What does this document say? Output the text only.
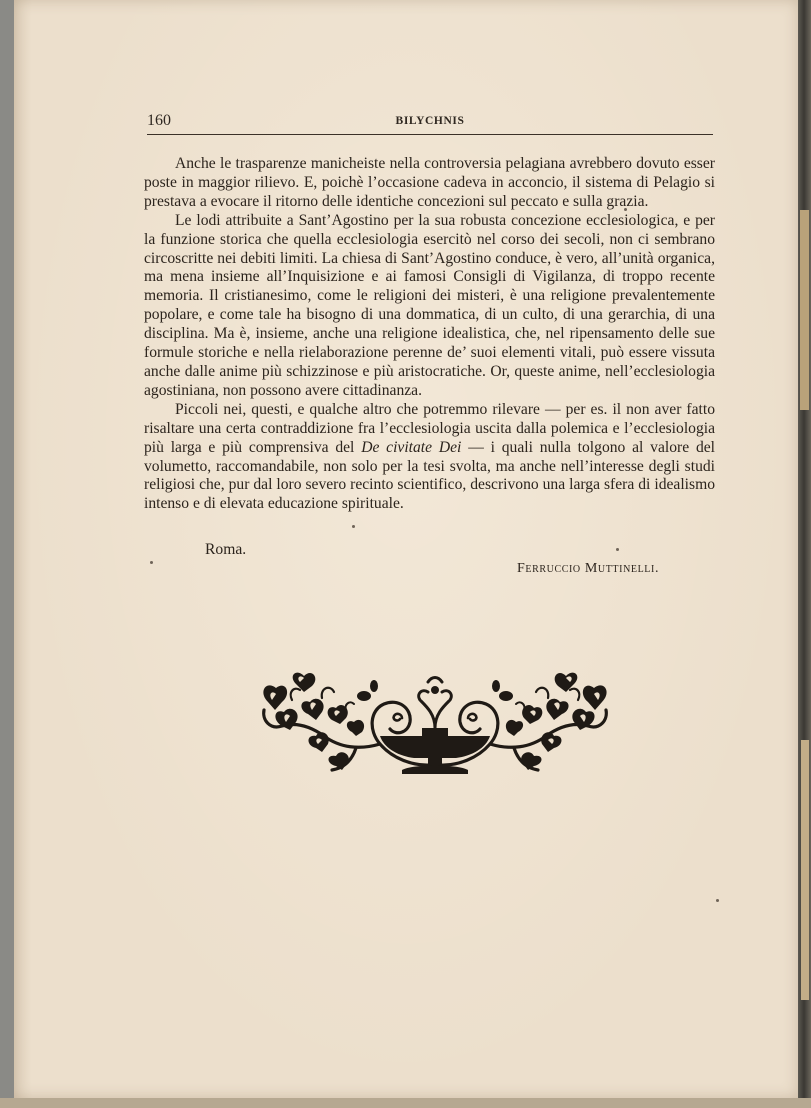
160	BILYCHNIS

Anche le trasparenze manicheiste nella controversia pelagiana avrebbero dovuto esser poste in maggior rilievo. E, poichè l’occasione cadeva in acconcio, il sistema di Pelagio si prestava a evocare il ritorno delle identiche concezioni sul peccato e sulla grazia.

Le lodi attribuite a Sant’Agostino per la sua robusta concezione ecclesiologica, e per la funzione storica che quella ecclesiologia esercitò nel corso dei secoli, non ci sembrano circoscritte nei debiti limiti. La chiesa di Sant’Agostino conduce, è vero, all’unità organica, ma mena insieme all’Inquisizione e ai famosi Consigli di Vigilanza, di troppo recente memoria. Il cristianesimo, come le religioni dei misteri, è una religione prevalentemente popolare, e come tale ha bisogno di una dommatica, di un culto, di una gerarchia, di una disciplina. Ma è, insieme, anche una religione idealistica, che, nel ripensamento delle sue formule storiche e nella rielaborazione perenne de’ suoi elementi vitali, può essere vissuta anche dalle anime più schizzinose e più aristocratiche. Or, queste anime, nell’ecclesiologia agostiniana, non possono avere cittadinanza.

Piccoli nei, questi, e qualche altro che potremmo rilevare — per es. il non aver fatto risaltare una certa contraddizione fra l’ecclesiologia uscita dalla polemica e l’ecclesiologia più larga e più comprensiva del De civitate Dei — i quali nulla tolgono al valore del volumetto, raccomandabile, non solo per la tesi svolta, ma anche nell’interesse degli studi religiosi che, pur dal loro severo recinto scientifico, descrivono una larga sfera di idealismo intenso e di elevata educazione spirituale.

Roma.
Ferruccio Muttinelli.
